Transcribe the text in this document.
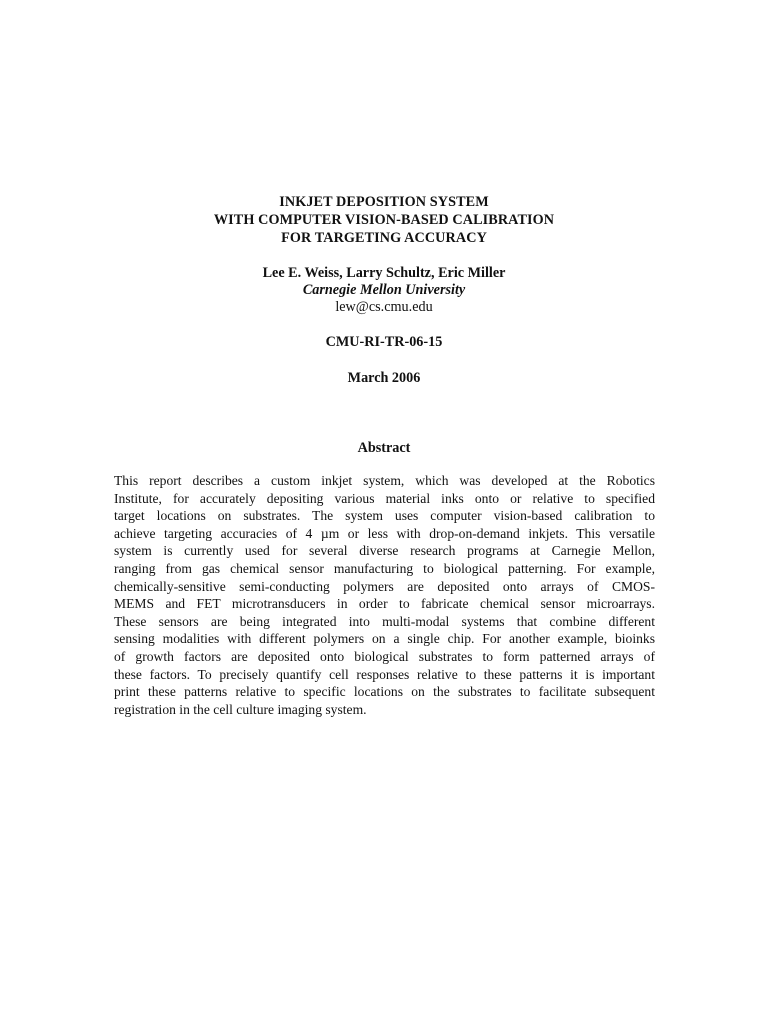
INKJET DEPOSITION SYSTEM
WITH COMPUTER VISION-BASED CALIBRATION
FOR TARGETING ACCURACY
Lee E. Weiss, Larry Schultz, Eric Miller
Carnegie Mellon University
lew@cs.cmu.edu
CMU-RI-TR-06-15
March 2006
Abstract
This report describes a custom inkjet system, which was developed at the Robotics
Institute, for accurately depositing various material inks onto or relative to specified
target locations on substrates. The system uses computer vision-based calibration to
achieve targeting accuracies of 4 µm or less with drop-on-demand inkjets. This versatile
system is currently used for several diverse research programs at Carnegie Mellon,
ranging from gas chemical sensor manufacturing to biological patterning. For example,
chemically-sensitive semi-conducting polymers are deposited onto arrays of CMOS-
MEMS and FET microtransducers in order to fabricate chemical sensor microarrays.
These sensors are being integrated into multi-modal systems that combine different
sensing modalities with different polymers on a single chip. For another example, bioinks
of growth factors are deposited onto biological substrates to form patterned arrays of
these factors. To precisely quantify cell responses relative to these patterns it is important
print these patterns relative to specific locations on the substrates to facilitate subsequent
registration in the cell culture imaging system.
